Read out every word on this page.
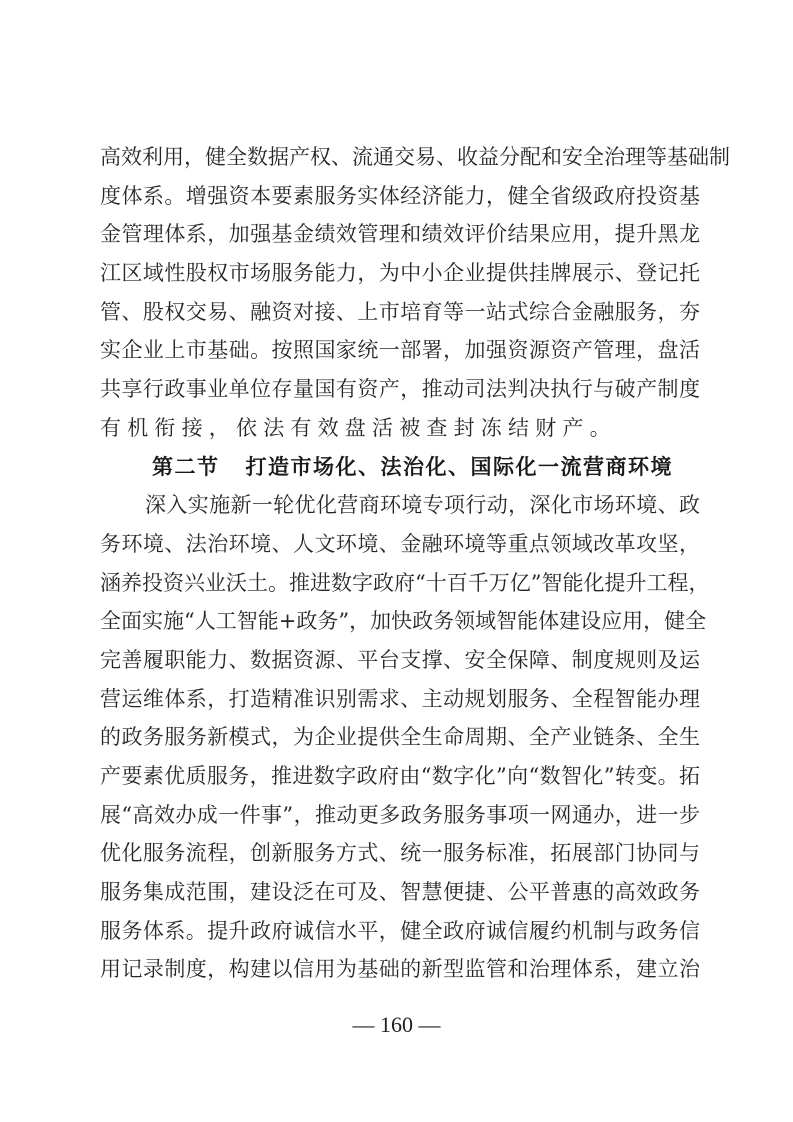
高效利用，健全数据产权、流通交易、收益分配和安全治理等基础制
度体系。增强资本要素服务实体经济能力，健全省级政府投资基
金管理体系，加强基金绩效管理和绩效评价结果应用，提升黑龙
江区域性股权市场服务能力，为中小企业提供挂牌展示、登记托
管、股权交易、融资对接、上市培育等一站式综合金融服务，夯
实企业上市基础。按照国家统一部署，加强资源资产管理，盘活
共享行政事业单位存量国有资产，推动司法判决执行与破产制度
有机衔接，依法有效盘活被查封冻结财产。
第二节 打造市场化、法治化、国际化一流营商环境
深入实施新一轮优化营商环境专项行动，深化市场环境、政
务环境、法治环境、人文环境、金融环境等重点领域改革攻坚，
涵养投资兴业沃土。推进数字政府“十百千万亿”智能化提升工程，
全面实施“人工智能+政务”，加快政务领域智能体建设应用，健全
完善履职能力、数据资源、平台支撑、安全保障、制度规则及运
营运维体系，打造精准识别需求、主动规划服务、全程智能办理
的政务服务新模式，为企业提供全生命周期、全产业链条、全生
产要素优质服务，推进数字政府由“数字化”向“数智化”转变。拓
展“高效办成一件事”，推动更多政务服务事项一网通办，进一步
优化服务流程，创新服务方式、统一服务标准，拓展部门协同与
服务集成范围，建设泛在可及、智慧便捷、公平普惠的高效政务
服务体系。提升政府诚信水平，健全政府诚信履约机制与政务信
用记录制度，构建以信用为基础的新型监管和治理体系，建立治
— 160 —
